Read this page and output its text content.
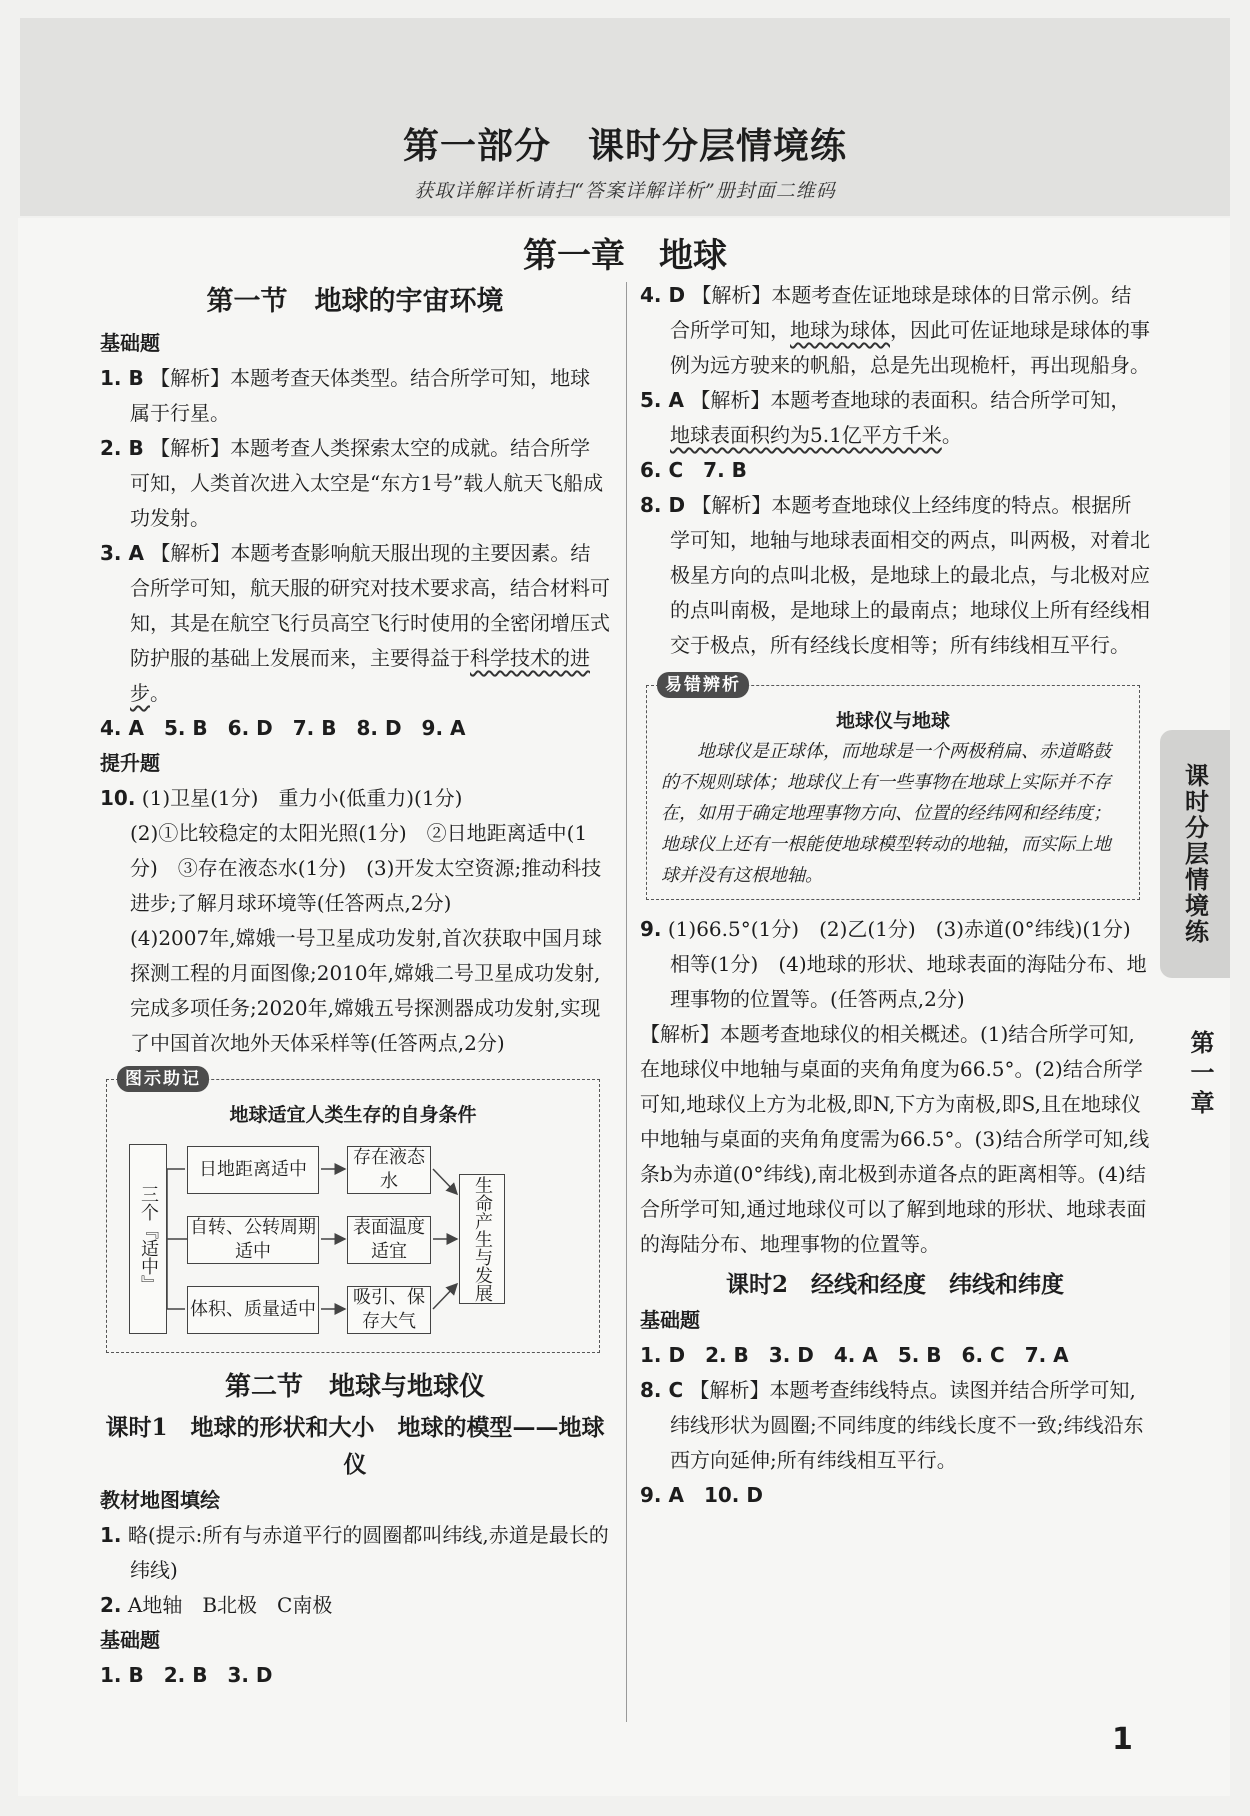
第一部分　课时分层情境练
获取详解详析请扫“答案详解详析”册封面二维码
第一章　地球
第一节　地球的宇宙环境
基础题
1. B 【解析】本题考查天体类型。结合所学可知，地球属于行星。
2. B 【解析】本题考查人类探索太空的成就。结合所学可知，人类首次进入太空是“东方1号”载人航天飞船成功发射。
3. A 【解析】本题考查影响航天服出现的主要因素。结合所学可知，航天服的研究对技术要求高，结合材料可知，其是在航空飞行员高空飞行时使用的全密闭增压式防护服的基础上发展而来，主要得益于科学技术的进步。
4. A　5. B　6. D　7. B　8. D　9. A
提升题
10. (1)卫星(1分)　重力小(低重力)(1分)
(2)①比较稳定的太阳光照(1分)　②日地距离适中(1分)　③存在液态水(1分)　(3)开发太空资源;推动科技进步;了解月球环境等(任答两点,2分)
(4)2007年,嫦娥一号卫星成功发射,首次获取中国月球探测工程的月面图像;2010年,嫦娥二号卫星成功发射,完成多项任务;2020年,嫦娥五号探测器成功发射,实现了中国首次地外天体采样等(任答两点,2分)
图示助记
地球适宜人类生存的自身条件
三个『适中』
日地距离适中
自转、公转周期适中
体积、质量适中
存在液态水
表面温度适宜
吸引、保存大气
生命产生与发展
第二节　地球与地球仪
课时1　地球的形状和大小　地球的模型——地球仪
教材地图填绘
1. 略(提示:所有与赤道平行的圆圈都叫纬线,赤道是最长的纬线)
2. A地轴　B北极　C南极
基础题
1. B　2. B　3. D
4. D 【解析】本题考查佐证地球是球体的日常示例。结合所学可知，地球为球体，因此可佐证地球是球体的事例为远方驶来的帆船，总是先出现桅杆，再出现船身。
5. A 【解析】本题考查地球的表面积。结合所学可知，地球表面积约为5.1亿平方千米。
6. C　7. B
8. D 【解析】本题考查地球仪上经纬度的特点。根据所学可知，地轴与地球表面相交的两点，叫两极，对着北极星方向的点叫北极，是地球上的最北点，与北极对应的点叫南极，是地球上的最南点；地球仪上所有经线相交于极点，所有经线长度相等；所有纬线相互平行。
易错辨析
地球仪与地球
地球仪是正球体，而地球是一个两极稍扁、赤道略鼓的不规则球体；地球仪上有一些事物在地球上实际并不存在，如用于确定地理事物方向、位置的经纬网和经纬度；地球仪上还有一根能使地球模型转动的地轴，而实际上地球并没有这根地轴。
9. (1)66.5°(1分)　(2)乙(1分)　(3)赤道(0°纬线)(1分)　相等(1分)　(4)地球的形状、地球表面的海陆分布、地理事物的位置等。(任答两点,2分)
【解析】本题考查地球仪的相关概述。(1)结合所学可知,在地球仪中地轴与桌面的夹角角度为66.5°。(2)结合所学可知,地球仪上方为北极,即N,下方为南极,即S,且在地球仪中地轴与桌面的夹角角度需为66.5°。(3)结合所学可知,线条b为赤道(0°纬线),南北极到赤道各点的距离相等。(4)结合所学可知,通过地球仪可以了解到地球的形状、地球表面的海陆分布、地理事物的位置等。
课时2　经线和经度　纬线和纬度
基础题
1. D　2. B　3. D　4. A　5. B　6. C　7. A
8. C 【解析】本题考查纬线特点。读图并结合所学可知,纬线形状为圆圈;不同纬度的纬线长度不一致;纬线沿东西方向延伸;所有纬线相互平行。
9. A　10. D
课时分层情境练
第一章
1
